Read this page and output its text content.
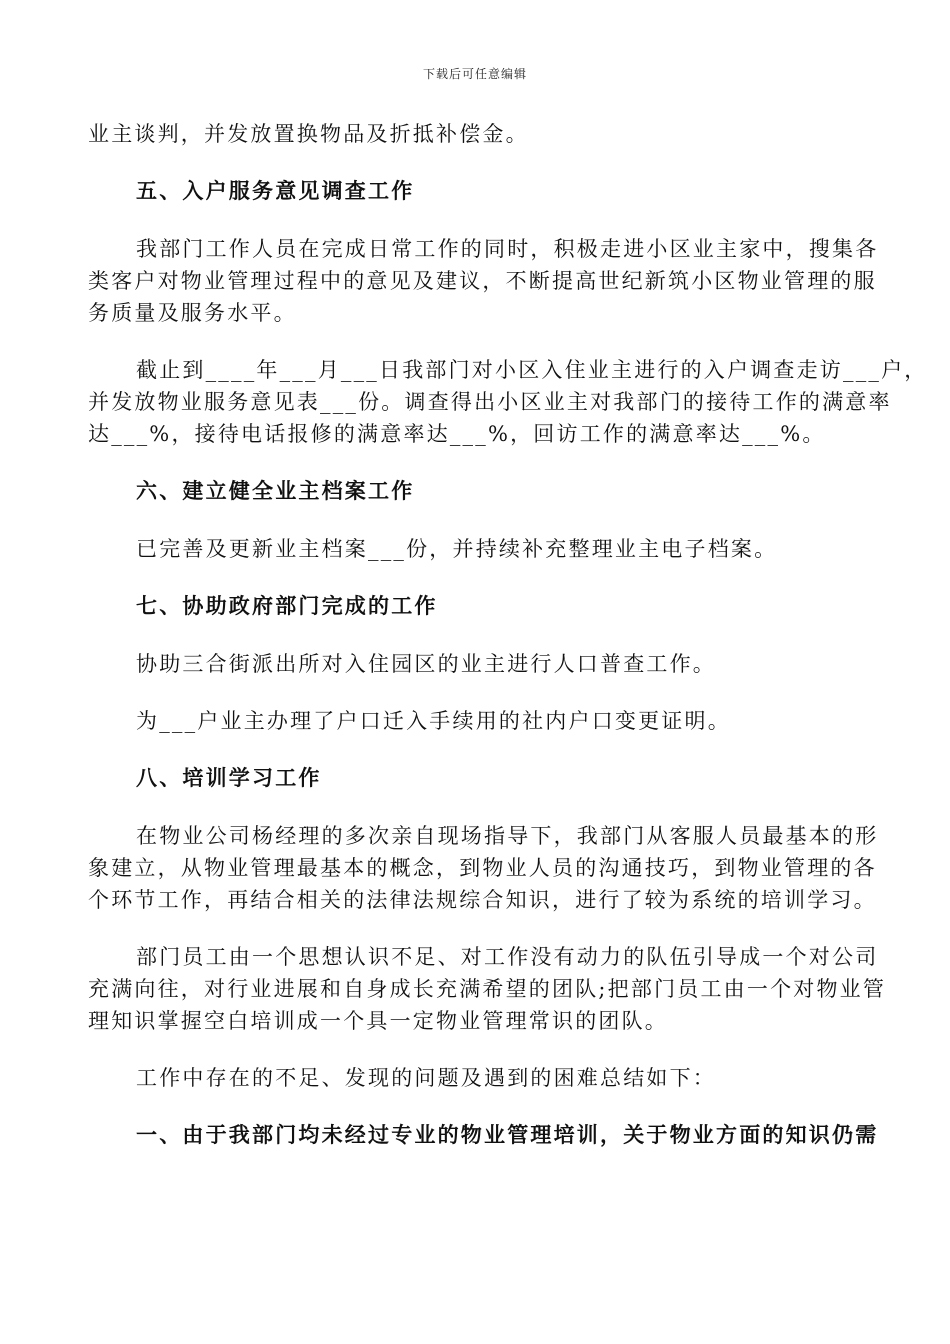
下载后可任意编辑
业主谈判，并发放置换物品及折抵补偿金。
五、入户服务意见调查工作
我部门工作人员在完成日常工作的同时，积极走进小区业主家中，搜集各
类客户对物业管理过程中的意见及建议，不断提高世纪新筑小区物业管理的服
务质量及服务水平。
截止到____年___月___日我部门对小区入住业主进行的入户调查走访___户，
并发放物业服务意见表___份。调查得出小区业主对我部门的接待工作的满意率
达___%，接待电话报修的满意率达___%，回访工作的满意率达___%。
六、建立健全业主档案工作
已完善及更新业主档案___份，并持续补充整理业主电子档案。
七、协助政府部门完成的工作
协助三合街派出所对入住园区的业主进行人口普查工作。
为___户业主办理了户口迁入手续用的社内户口变更证明。
八、培训学习工作
在物业公司杨经理的多次亲自现场指导下，我部门从客服人员最基本的形
象建立，从物业管理最基本的概念，到物业人员的沟通技巧，到物业管理的各
个环节工作，再结合相关的法律法规综合知识，进行了较为系统的培训学习。
部门员工由一个思想认识不足、对工作没有动力的队伍引导成一个对公司
充满向往，对行业进展和自身成长充满希望的团队;把部门员工由一个对物业管
理知识掌握空白培训成一个具一定物业管理常识的团队。
工作中存在的不足、发现的问题及遇到的困难总结如下：
一、由于我部门均未经过专业的物业管理培训，关于物业方面的知识仍需
